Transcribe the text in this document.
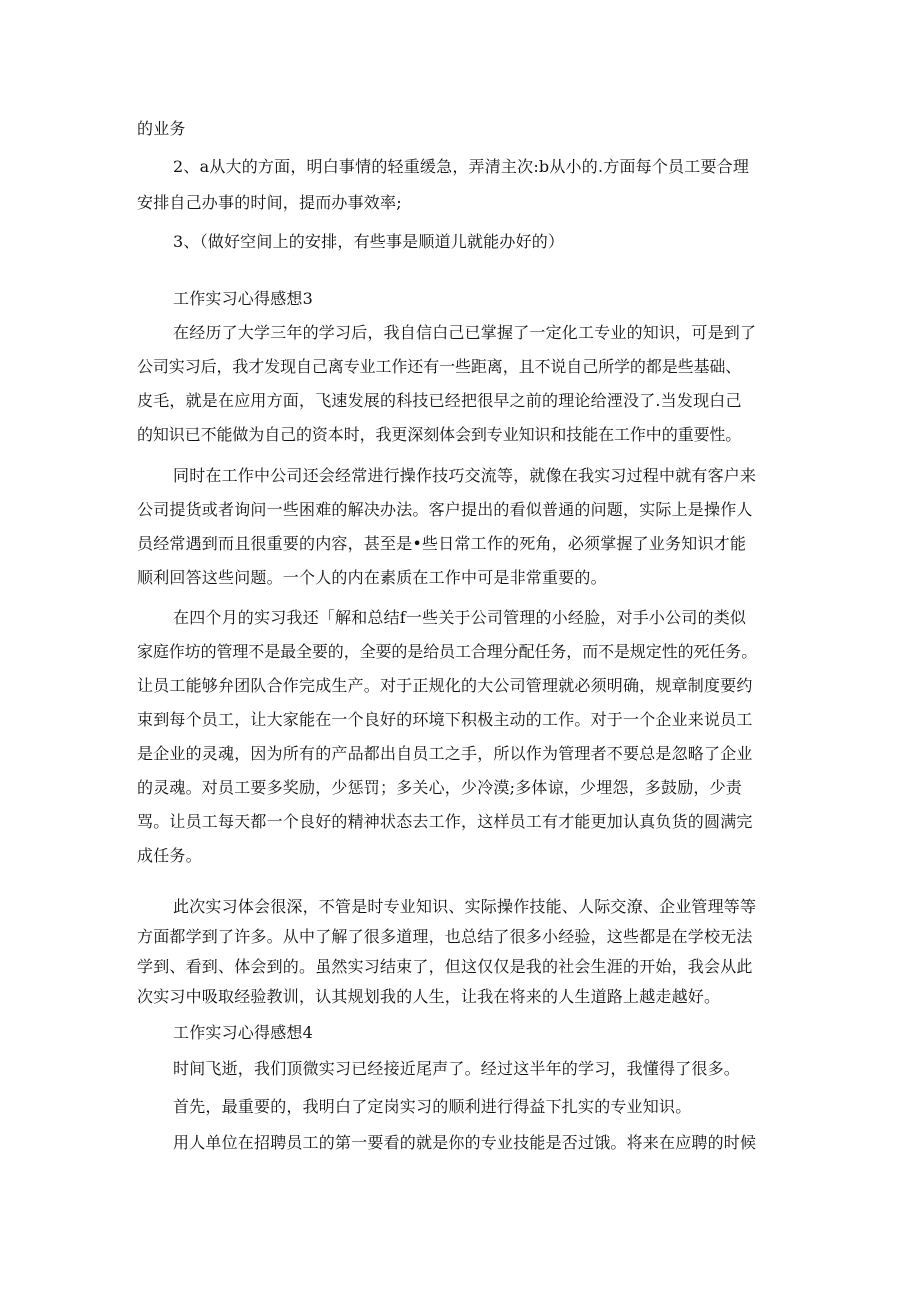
的业务
2、a从大的方面，明白事情的轻重缓急，弄清主次:b从小的.方面每个员工要合理
安排自己办事的时间，提而办事效率;
3、（做好空间上的安排，有些事是顺道儿就能办好的）
工作实习心得感想3
在经历了大学三年的学习后，我自信白己已掌握了一定化工专业的知识，可是到了
公司实习后，我才发现自己离专业工作还有一些距离，且不说自己所学的都是些基础、
皮毛，就是在应用方面，飞速发展的科技已经把很早之前的理论给湮没了.当发现白己
的知识已不能做为自己的资本时，我更深刻体会到专业知识和技能在工作中的重要性。
同时在工作中公司还会经常进行操作技巧交流等，就像在我实习过程中就有客户来
公司提货或者询问一些困难的解决办法。客户提出的看似普通的问题，实际上是操作人
员经常遇到而且很重要的内容，甚至是•些日常工作的死角，必须掌握了业务知识才能
顺利回答这些问题。一个人的内在素质在工作中可是非常重要的。
在四个月的实习我还「解和总结f一些关于公司管理的小经脸，对手小公司的类似
家庭作坊的管理不是最全要的，全要的是给员工合理分配任务，而不是规定性的死任务。
让员工能够弁团队合作完成生产。对于正规化的大公司管理就必须明确，规章制度要约
束到每个员工，让大家能在一个良好的环境下积极主动的工作。对于一个企业来说员工
是企业的灵魂，因为所有的产品都出自员工之手，所以作为管理者不要总是忽略了企业
的灵魂。对员工要多奖励，少惩罚；多关心，少冷漠;多体谅，少埋怨，多鼓励，少责
骂。让员工每天都一个良好的精神状态去工作，这样员工有才能更加认真负货的圆满完
成任务。
此次实习体会很深，不管是时专业知识、实际操作技能、人际交潦、企业管理等等
方面都学到了许多。从中了解了很多道理，也总结了很多小经验，这些都是在学校无法
学到、看到、体会到的。虽然实习结束了，但这仅仅是我的社会生涯的开始，我会从此
次实习中吸取经验教训，认其规划我的人生，让我在将来的人生道路上越走越好。
工作实习心得感想4
时间飞逝，我们顶微实习已经接近尾声了。经过这半年的学习，我懂得了很多。
首先，最重要的，我明白了定岗实习的顺利进行得益下扎实的专业知识。
用人单位在招聘员工的第一要看的就是你的专业技能是否过饿。将来在应聘的时候
